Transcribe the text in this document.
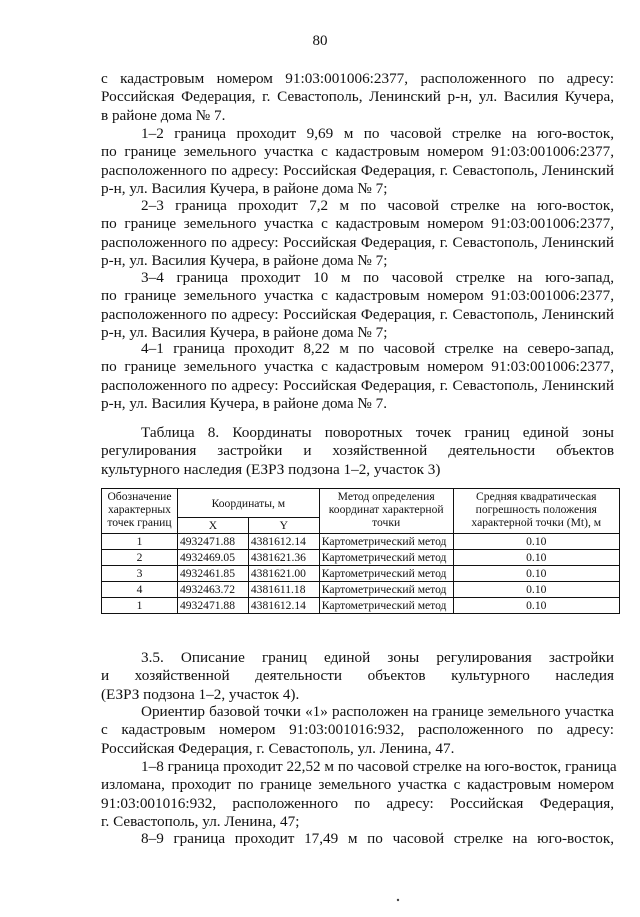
80

с кадастровым номером 91:03:001006:2377, расположенного по адресу:
Российская Федерация, г. Севастополь, Ленинский р-н, ул. Василия Кучера,
в районе дома № 7.

1–2 граница проходит 9,69 м по часовой стрелке на юго-восток,
по границе земельного участка с кадастровым номером 91:03:001006:2377,
расположенного по адресу: Российская Федерация, г. Севастополь, Ленинский
р-н, ул. Василия Кучера, в районе дома № 7;

2–3 граница проходит 7,2 м по часовой стрелке на юго-восток,
по границе земельного участка с кадастровым номером 91:03:001006:2377,
расположенного по адресу: Российская Федерация, г. Севастополь, Ленинский
р-н, ул. Василия Кучера, в районе дома № 7;

3–4 граница проходит 10 м по часовой стрелке на юго-запад,
по границе земельного участка с кадастровым номером 91:03:001006:2377,
расположенного по адресу: Российская Федерация, г. Севастополь, Ленинский
р-н, ул. Василия Кучера, в районе дома № 7;

4–1 граница проходит 8,22 м по часовой стрелке на северо-запад,
по границе земельного участка с кадастровым номером 91:03:001006:2377,
расположенного по адресу: Российская Федерация, г. Севастополь, Ленинский
р-н, ул. Василия Кучера, в районе дома № 7.

Таблица 8. Координаты поворотных точек границ единой зоны
регулирования застройки и хозяйственной деятельности объектов
культурного наследия (ЕЗРЗ подзона 1–2, участок 3)
Обозначение характерных точек границ	Координаты, м		Метод определения координат характерной точки	Средняя квадратическая погрешность положения характерной точки (Mt), м
	X	Y		
1	4932471.88	4381612.14	Картометрический метод	0.10
2	4932469.05	4381621.36	Картометрический метод	0.10
3	4932461.85	4381621.00	Картометрический метод	0.10
4	4932463.72	4381611.18	Картометрический метод	0.10
1	4932471.88	4381612.14	Картометрический метод	0.10

3.5. Описание границ единой зоны регулирования застройки
и хозяйственной деятельности объектов культурного наследия
(ЕЗРЗ подзона 1–2, участок 4).

Ориентир базовой точки «1» расположен на границе земельного участка
с кадастровым номером 91:03:001016:932, расположенного по адресу:
Российская Федерация, г. Севастополь, ул. Ленина, 47.

1–8 граница проходит 22,52 м по часовой стрелке на юго-восток, граница
изломана, проходит по границе земельного участка с кадастровым номером
91:03:001016:932, расположенного по адресу: Российская Федерация,
г. Севастополь, ул. Ленина, 47;

8–9 граница проходит 17,49 м по часовой стрелке на юго-восток,
